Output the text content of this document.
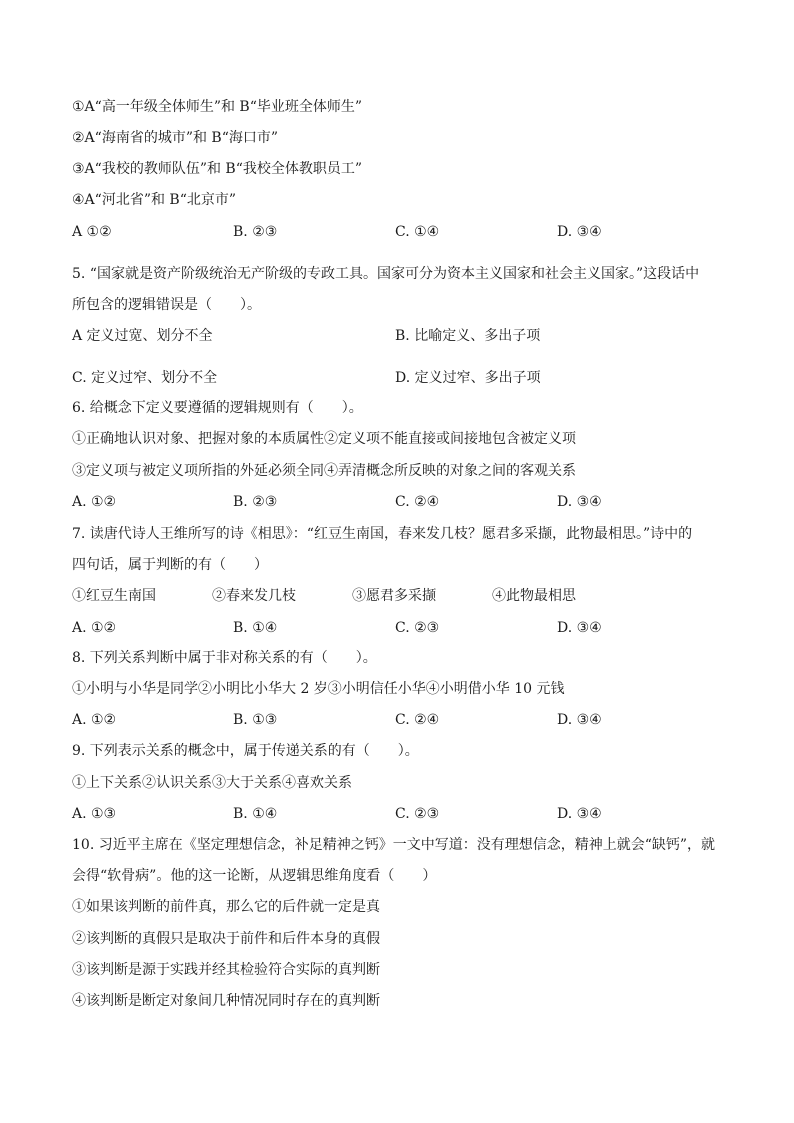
①A“高一年级全体师生”和 B“毕业班全体师生”
②A“海南省的城市”和 B“海口市”
③A“我校的教师队伍”和 B“我校全体教职员工”
④A“河北省”和 B“北京市”
A ①②	B. ②③	C. ①④	D. ③④
5. “国家就是资产阶级统治无产阶级的专政工具。国家可分为资本主义国家和社会主义国家。”这段话中
所包含的逻辑错误是（　　）。
A 定义过宽、划分不全	B. 比喻定义、多出子项
C. 定义过窄、划分不全	D. 定义过窄、多出子项
6. 给概念下定义要遵循的逻辑规则有（　　）。
①正确地认识对象、把握对象的本质属性②定义项不能直接或间接地包含被定义项
③定义项与被定义项所指的外延必须全同④弄清概念所反映的对象之间的客观关系
A. ①②	B. ②③	C. ②④	D. ③④
7. 读唐代诗人王维所写的诗《相思》：“红豆生南国，春来发几枝？愿君多采撷，此物最相思。”诗中的
四句话，属于判断的有（　　）
①红豆生南国	②春来发几枝	③愿君多采撷	④此物最相思
A. ①②	B. ①④	C. ②③	D. ③④
8. 下列关系判断中属于非对称关系的有（　　）。
①小明与小华是同学②小明比小华大 2 岁③小明信任小华④小明借小华 10 元钱
A. ①②	B. ①③	C. ②④	D. ③④
9. 下列表示关系的概念中，属于传递关系的有（　　）。
①上下关系②认识关系③大于关系④喜欢关系
A. ①③	B. ①④	C. ②③	D. ③④
10. 习近平主席在《坚定理想信念，补足精神之钙》一文中写道：没有理想信念，精神上就会“缺钙”，就
会得“软骨病”。他的这一论断，从逻辑思维角度看（　　）
①如果该判断的前件真，那么它的后件就一定是真
②该判断的真假只是取决于前件和后件本身的真假
③该判断是源于实践并经其检验符合实际的真判断
④该判断是断定对象间几种情况同时存在的真判断
